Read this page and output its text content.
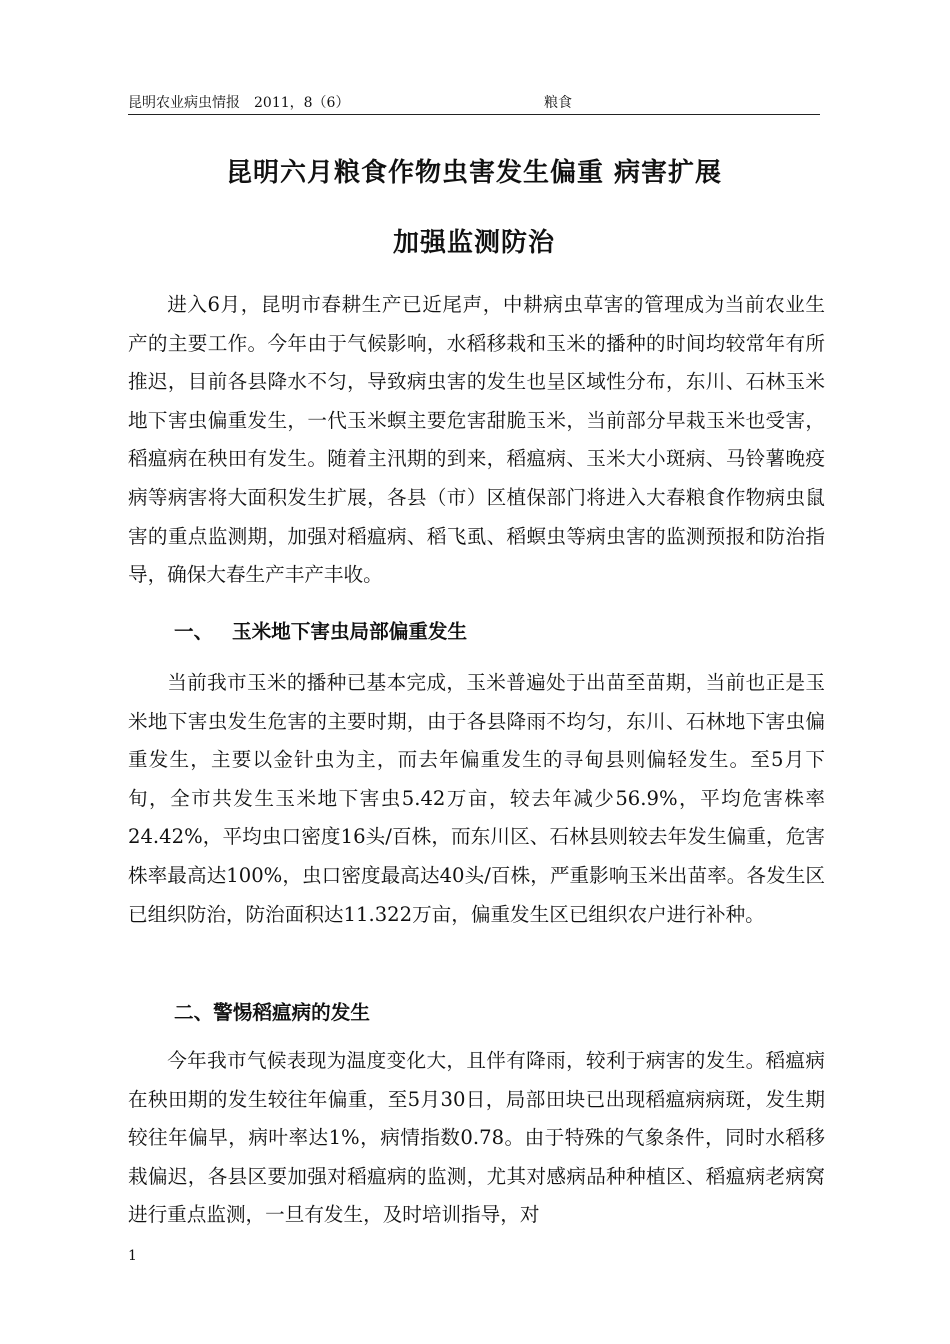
昆明农业病虫情报　2011，8（6）	粮食
昆明六月粮食作物虫害发生偏重 病害扩展
加强监测防治

进入6月，昆明市春耕生产已近尾声，中耕病虫草害的管理成为当前农业生产的主要工作。今年由于气候影响，水稻移栽和玉米的播种的时间均较常年有所推迟，目前各县降水不匀，导致病虫害的发生也呈区域性分布，东川、石林玉米地下害虫偏重发生，一代玉米螟主要危害甜脆玉米，当前部分早栽玉米也受害，稻瘟病在秧田有发生。随着主汛期的到来，稻瘟病、玉米大小斑病、马铃薯晚疫病等病害将大面积发生扩展，各县（市）区植保部门将进入大春粮食作物病虫鼠害的重点监测期，加强对稻瘟病、稻飞虱、稻螟虫等病虫害的监测预报和防治指导，确保大春生产丰产丰收。

一、 玉米地下害虫局部偏重发生

当前我市玉米的播种已基本完成，玉米普遍处于出苗至苗期，当前也正是玉米地下害虫发生危害的主要时期，由于各县降雨不均匀，东川、石林地下害虫偏重发生，主要以金针虫为主，而去年偏重发生的寻甸县则偏轻发生。至5月下旬，全市共发生玉米地下害虫5.42万亩，较去年减少56.9%，平均危害株率24.42%，平均虫口密度16头/百株，而东川区、石林县则较去年发生偏重，危害株率最高达100%，虫口密度最高达40头/百株，严重影响玉米出苗率。各发生区已组织防治，防治面积达11.322万亩，偏重发生区已组织农户进行补种。

二、警惕稻瘟病的发生

今年我市气候表现为温度变化大，且伴有降雨，较利于病害的发生。稻瘟病在秧田期的发生较往年偏重，至5月30日，局部田块已出现稻瘟病病斑，发生期较往年偏早，病叶率达1%，病情指数0.78。由于特殊的气象条件，同时水稻移栽偏迟，各县区要加强对稻瘟病的监测，尤其对感病品种种植区、稻瘟病老病窝进行重点监测，一旦有发生，及时培训指导，对

1
